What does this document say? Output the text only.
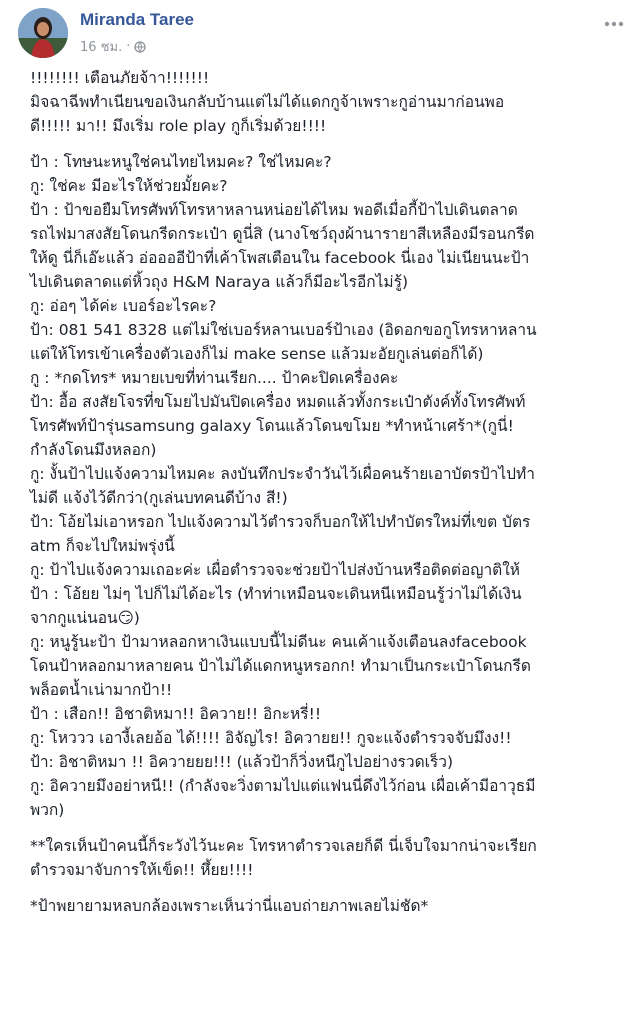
Miranda Taree
16 ชม. ·
!!!!!!!! เตือนภัยจ้าา!!!!!!!
มิจฉาฉีพทำเนียนขอเงินกลับบ้านแต่ไม่ได้แดกกูจ้าเพราะกูอ่านมาก่อนพอ
ดี!!!!! มา!! มึงเริ่ม role play กูก็เริ่มด้วย!!!!
ป้า : โทษนะหนูใช่คนไทยไหมคะ? ใช่ไหมคะ?
กู: ใช่คะ มีอะไรให้ช่วยมั้ยคะ?
ป้า : ป้าขอยืมโทรศัพท์โทรหาหลานหน่อยได้ไหม พอดีเมื่อกี้ป้าไปเดินตลาด
รถไฟมาสงสัยโดนกรีดกระเป๋า ดูนี่สิ (นางโชว์ถุงผ้านารายาสีเหลืองมีรอนกรีด
ให้ดู นี่ก็เอ๊ะแล้ว อ่ออออีป้าที่เค้าโพสเตือนใน facebook นี่เอง ไม่เนียนนะป้า
ไปเดินตลาดแต่หิ้วถุง H&M Naraya แล้วก็มีอะไรอีกไม่รู้)
กู: อ่อๆ ได้ค่ะ เบอร์อะไรคะ?
ป้า: 081 541 8328 แต่ไม่ใช่เบอร์หลานเบอร์ป้าเอง (อิดอกขอกูโทรหาหลาน
แต่ให้โทรเข้าเครื่องตัวเองก็ไม่ make sense แล้วมะอัยกูเล่นต่อก็ได้)
กู : *กดโทร* หมายเบขที่ท่านเรียก.... ป้าคะปิดเครื่องคะ
ป้า: อื้อ สงสัยโจรที่ขโมยไปมันปิดเครื่อง หมดแล้วทั้งกระเป๋าตังค์ทั้งโทรศัพท์
โทรศัพท์ป้ารุ่นsamsung galaxy โดนแล้วโดนขโมย *ทำหน้าเศร้า*(กูนี่!
กำลังโดนมึงหลอก)
กู: งั้นป้าไปแจ้งความไหมคะ ลงบันทึกประจำวันไว้เผื่อคนร้ายเอาบัตรป้าไปทำ
ไม่ดี แจ้งไว้ดีกว่า(กูเล่นบทคนดีบ้าง สี!)
ป้า: โอ้ยไม่เอาหรอก ไปแจ้งความไว้ตำรวจก็บอกให้ไปทำบัตรใหม่ที่เขต บัตร
atm ก็จะไปใหม่พรุ่งนี้
กู: ป้าไปแจ้งความเถอะค่ะ เผื่อตำรวจจะช่วยป้าไปส่งบ้านหรือติดต่อญาติให้
ป้า : โอ้ยย ไม่ๆ ไปก็ไม่ได้อะไร (ทำท่าเหมือนจะเดินหนีเหมือนรู้ว่าไม่ได้เงิน
จากกูแน่นอน😏)
กู: หนูรู้นะป้า ป้ามาหลอกหาเงินแบบนี้ไม่ดีนะ คนเค้าแจ้งเตือนลงfacebook
โดนป้าหลอกมาหลายคน ป้าไม่ได้แดกหนูหรอกก! ทำมาเป็นกระเป๋าโดนกรีด
พล็อตน้ำเน่ามากป้า!!
ป้า : เสือก!! อิชาติหมา!! อิควาย!! อิกะหรี่!!
กู: โหววว เอางี้เลยอ้อ ได้!!!! อิจัญไร! อิควายย!! กูจะแจ้งตำรวจจับมึงง!!
ป้า: อิชาติหมา !! อิควายยย!!! (แล้วป้าก็วิ่งหนีกูไปอย่างรวดเร็ว)
กู: อิควายมึงอย่าหนี!! (กำลังจะวิ่งตามไปแต่แฟนนี่ดึงไว้ก่อน เผื่อเค้ามีอาวุธมี
พวก)
**ใครเห็นป้าคนนี้ก็ระวังไว้นะคะ โทรหาตำรวจเลยก็ดี นี่เจ็บใจมากน่าจะเรียก
ตำรวจมาจับการให้เข็ด!! หึ้ยย!!!!
*ป้าพยายามหลบกล้องเพราะเห็นว่านี่แอบถ่ายภาพเลยไม่ชัด*
